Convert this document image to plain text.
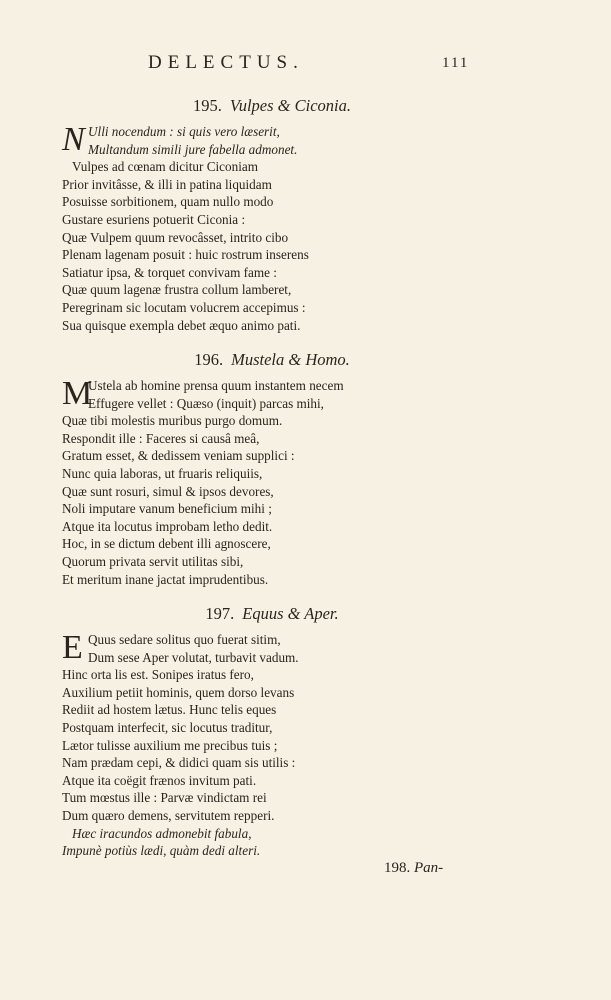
DELECTUS.	111
195. Vulpes & Ciconia.
N Ulli nocendum : si quis vero læserit,
Multandum simili jure fabella admonet.
Vulpes ad cœnam dicitur Ciconiam
Prior invitâsse, & illi in patina liquidam
Posuisse sorbitionem, quam nullo modo
Gustare esuriens potuerit Ciconia :
Quæ Vulpem quum revocâsset, intrito cibo
Plenam lagenam posuit : huic rostrum inserens
Satiatur ipsa, & torquet convivam fame :
Quæ quum lagenæ frustra collum lamberet,
Peregrinam sic locutam volucrem accepimus :
Sua quisque exempla debet æquo animo pati.
196. Mustela & Homo.
M
Ustela ab homine prensa quum instantem necem
Effugere vellet : Quæso (inquit) parcas mihi,
Quæ tibi molestis muribus purgo domum.
Respondit ille : Faceres si causâ meâ,
Gratum esset, & dedissem veniam supplici :
Nunc quia laboras, ut fruaris reliquiis,
Quæ sunt rosuri, simul & ipsos devores,
Noli imputare vanum beneficium mihi ;
Atque ita locutus improbam letho dedit.
Hoc, in se dictum debent illi agnoscere,
Quorum privata servit utilitas sibi,
Et meritum inane jactat imprudentibus.
197. Equus & Aper.
E Quus sedare solitus quo fuerat sitim,
Dum sese Aper volutat, turbavit vadum.
Hinc orta lis est. Sonipes iratus fero,
Auxilium petiit hominis, quem dorso levans
Rediit ad hostem lætus. Hunc telis eques
Postquam interfecit, sic locutus traditur,
Lætor tulisse auxilium me precibus tuis ;
Nam prædam cepi, & didici quam sis utilis :
Atque ita coëgit frænos invitum pati.
Tum mœstus ille : Parvæ vindictam rei
Dum quæro demens, servitutem repperi.
Hæc iracundos admonebit fabula,
Impunè potiùs lædi, quàm dedi alteri.
198. Pan-
